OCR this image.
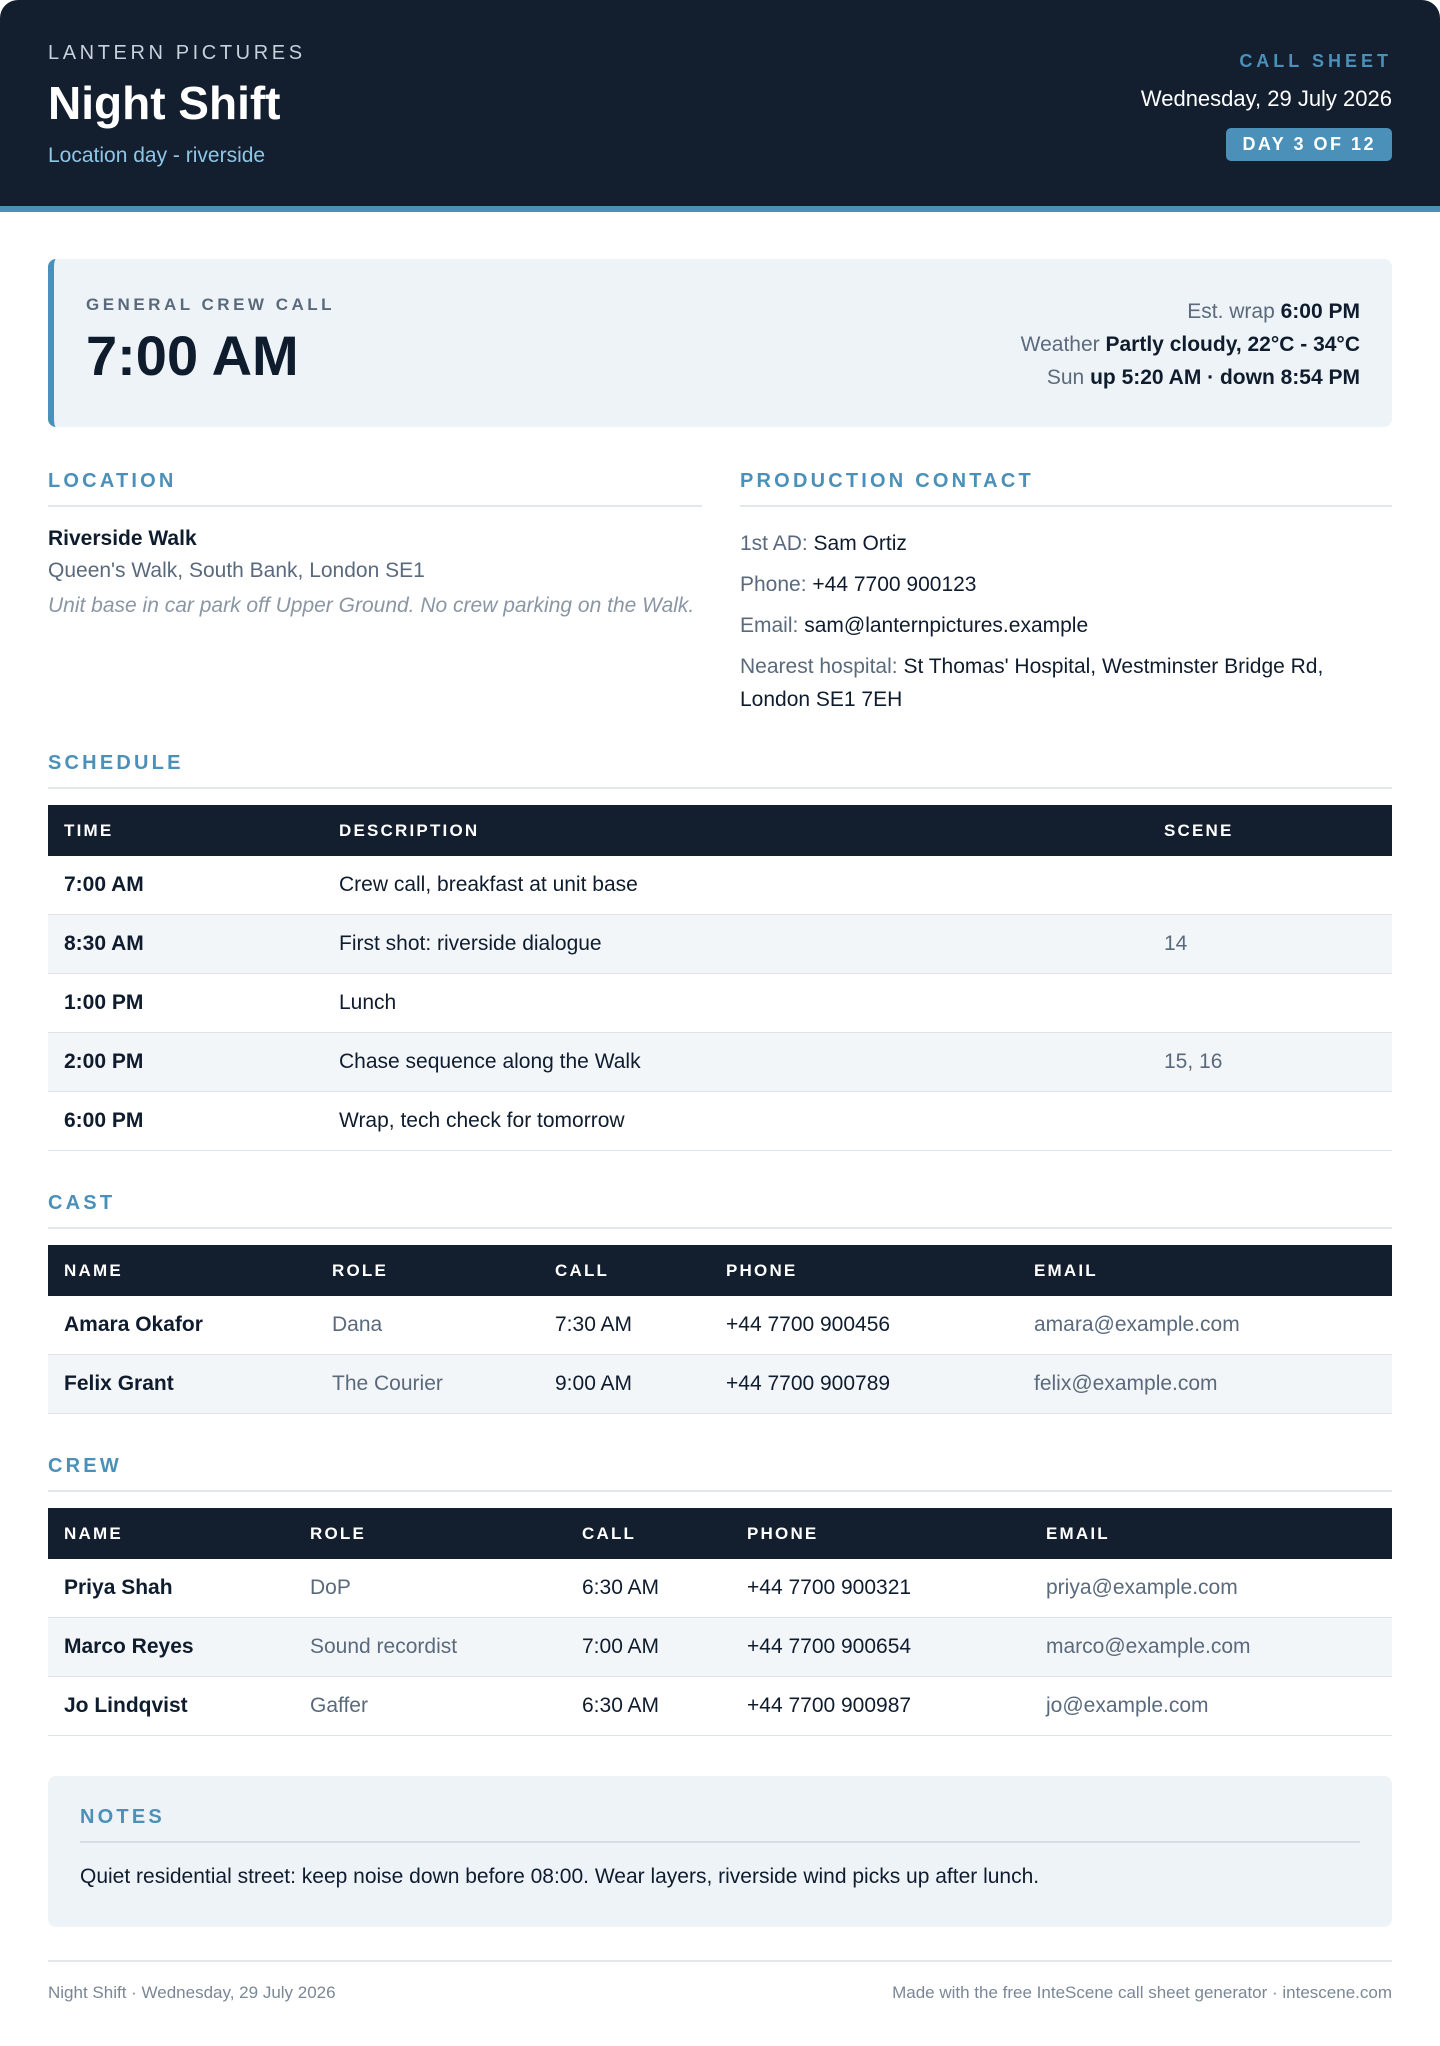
LANTERN PICTURES
Night Shift
Location day - riverside
CALL SHEET
Wednesday, 29 July 2026
DAY 3 OF 12
GENERAL CREW CALL
7:00 AM
Est. wrap 6:00 PM
Weather Partly cloudy, 22°C - 34°C
Sun up 5:20 AM · down 8:54 PM
LOCATION
Riverside Walk
Queen's Walk, South Bank, London SE1
Unit base in car park off Upper Ground. No crew parking on the Walk.
PRODUCTION CONTACT
1st AD: Sam Ortiz
Phone: +44 7700 900123
Email: sam@lanternpictures.example
Nearest hospital: St Thomas' Hospital, Westminster Bridge Rd, London SE1 7EH
SCHEDULE
TIME	DESCRIPTION	SCENE
7:00 AM	Crew call, breakfast at unit base	
8:30 AM	First shot: riverside dialogue	14
1:00 PM	Lunch	
2:00 PM	Chase sequence along the Walk	15, 16
6:00 PM	Wrap, tech check for tomorrow	
CAST
NAME	ROLE	CALL	PHONE	EMAIL
Amara Okafor	Dana	7:30 AM	+44 7700 900456	amara@example.com
Felix Grant	The Courier	9:00 AM	+44 7700 900789	felix@example.com
CREW
NAME	ROLE	CALL	PHONE	EMAIL
Priya Shah	DoP	6:30 AM	+44 7700 900321	priya@example.com
Marco Reyes	Sound recordist	7:00 AM	+44 7700 900654	marco@example.com
Jo Lindqvist	Gaffer	6:30 AM	+44 7700 900987	jo@example.com
NOTES
Quiet residential street: keep noise down before 08:00. Wear layers, riverside wind picks up after lunch.
Night Shift · Wednesday, 29 July 2026	Made with the free InteScene call sheet generator · intescene.com
